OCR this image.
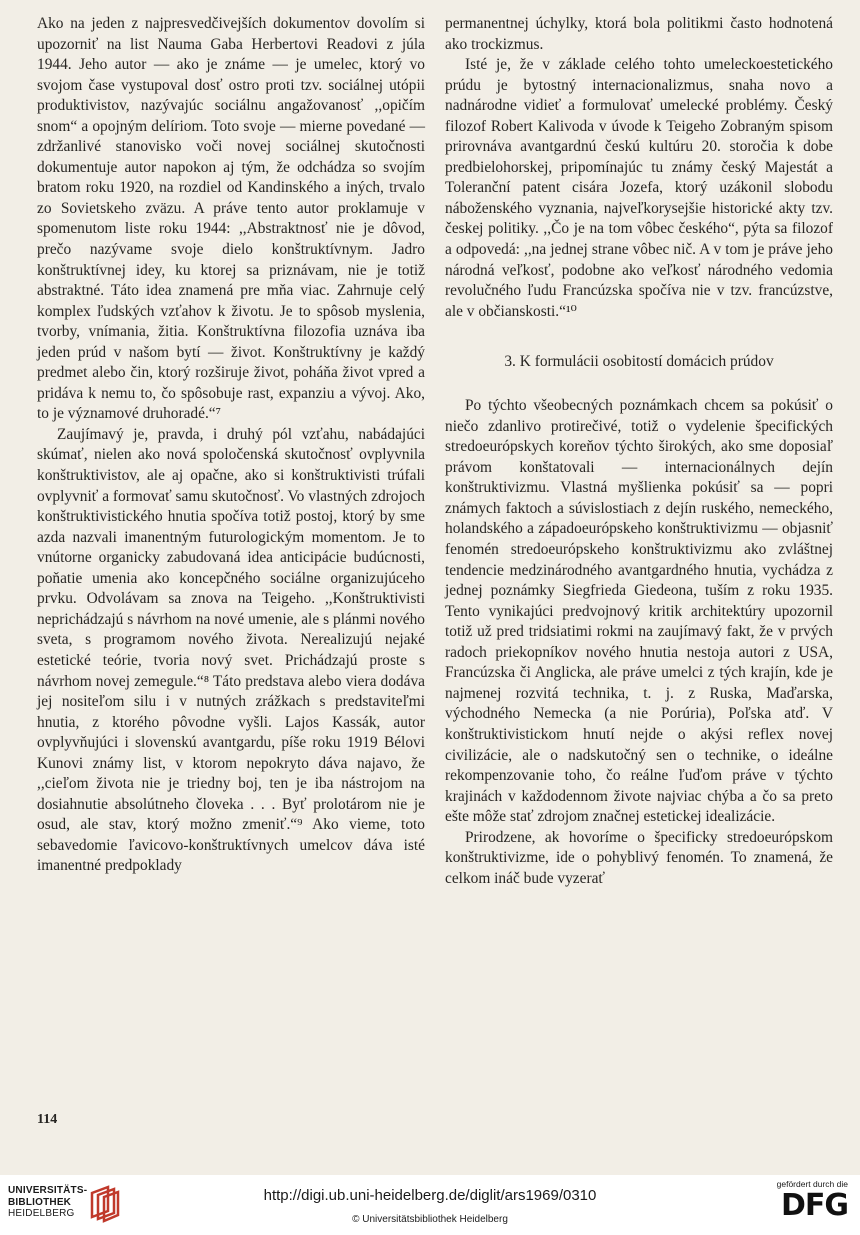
Ako na jeden z najpresvedčivejších dokumentov dovolím si upozorniť na list Nauma Gaba Herbertovi Readovi z júla 1944. Jeho autor — ako je známe — je umelec, ktorý vo svojom čase vystupoval dosť ostro proti tzv. sociálnej utópii produktivistov, nazývajúc sociálnu angažovanosť ,,opičím snom“ a opojným delíriom. Toto svoje — mierne povedané — zdržanlivé stanovisko voči novej sociálnej skutočnosti dokumentuje autor napokon aj tým, že odchádza so svojím bratom roku 1920, na rozdiel od Kandinského a iných, trvalo zo Sovietskeho zväzu. A práve tento autor proklamuje v spomenutom liste roku 1944: ,,Abstraktnosť nie je dôvod, prečo nazývame svoje dielo konštruktívnym. Jadro konštruktívnej idey, ku ktorej sa priznávam, nie je totiž abstraktné. Táto idea znamená pre mňa viac. Zahrnuje celý komplex ľudských vzťahov k životu. Je to spôsob myslenia, tvorby, vnímania, žitia. Konštruktívna filozofia uznáva iba jeden prúd v našom bytí — život. Konštruktívny je každý predmet alebo čin, ktorý rozširuje život, poháňa život vpred a pridáva k nemu to, čo spôsobuje rast, expanziu a vývoj. Ako, to je významové druhoradé.“⁷

Zaujímavý je, pravda, i druhý pól vzťahu, nabádajúci skúmať, nielen ako nová spoločenská skutočnosť ovplyvnila konštruktivistov, ale aj opačne, ako si konštruktivisti trúfali ovplyvniť a formovať samu skutočnosť. Vo vlastných zdrojoch konštruktivistického hnutia spočíva totiž postoj, ktorý by sme azda nazvali imanentným futurologickým momentom. Je to vnútorne organicky zabudovaná idea anticipácie budúcnosti, poňatie umenia ako koncepčného sociálne organizujúceho prvku. Odvolávam sa znova na Teigeho. ,,Konštruktivisti neprichádzajú s návrhom na nové umenie, ale s plánmi nového sveta, s programom nového života. Nerealizujú nejaké estetické teórie, tvoria nový svet. Prichádzajú proste s návrhom novej zemegule.“⁸ Táto predstava alebo viera dodáva jej nositeľom silu i v nutných zrážkach s predstaviteľmi hnutia, z ktorého pôvodne vyšli. Lajos Kassák, autor ovplyvňujúci i slovenskú avantgardu, píše roku 1919 Bélovi Kunovi známy list, v ktorom nepokryto dáva najavo, že ,,cieľom života nie je triedny boj, ten je iba nástrojom na dosiahnutie absolútneho človeka . . . Byť prolotárom nie je osud, ale stav, ktorý možno zmeniť.“⁹ Ako vieme, toto sebavedomie ľavicovo-konštruktívnych umelcov dáva isté imanentné predpoklady

permanentnej úchylky, ktorá bola politikmi často hodnotená ako trockizmus.

Isté je, že v základe celého tohto umeleckoestetického prúdu je bytostný internacionalizmus, snaha novo a nadnárodne vidieť a formulovať umelecké problémy. Český filozof Robert Kalivoda v úvode k Teigeho Zobraným spisom prirovnáva avantgardnú českú kultúru 20. storočia k dobe predbielohorskej, pripomínajúc tu známy český Majestát a Toleranční patent cisára Jozefa, ktorý uzákonil slobodu náboženského vyznania, najveľkorysejšie historické akty tzv. českej politiky. ,,Čo je na tom vôbec českého“, pýta sa filozof a odpovedá: ,,na jednej strane vôbec nič. A v tom je práve jeho národná veľkosť, podobne ako veľkosť národného vedomia revolučného ľudu Francúzska spočíva nie v tzv. francúzstve, ale v občianskosti.“¹⁰

3. K formulácii osobitostí domácich prúdov

Po týchto všeobecných poznámkach chcem sa pokúsiť o niečo zdanlivo protirečivé, totiž o vydelenie špecifických stredoeurópskych koreňov týchto širokých, ako sme doposiaľ právom konštatovali — internacionálnych dejín konštruktivizmu. Vlastná myšlienka pokúsiť sa — popri známych faktoch a súvislostiach z dejín ruského, nemeckého, holandského a západoeurópskeho konštruktivizmu — objasniť fenomén stredoeurópskeho konštruktivizmu ako zvláštnej tendencie medzinárodného avantgardného hnutia, vychádza z jednej poznámky Siegfrieda Giedeona, tuším z roku 1935. Tento vynikajúci predvojnový kritik architektúry upozornil totiž už pred tridsiatimi rokmi na zaujímavý fakt, že v prvých radoch priekopníkov nového hnutia nestoja autori z USA, Francúzska či Anglicka, ale práve umelci z tých krajín, kde je najmenej rozvitá technika, t. j. z Ruska, Maďarska, východného Nemecka (a nie Porúria), Poľska atď. V konštruktivistickom hnutí nejde o akýsi reflex novej civilizácie, ale o nadskutočný sen o technike, o ideálne rekompenzovanie toho, čo reálne ľuďom práve v týchto krajinách v každodennom živote najviac chýba a čo sa preto ešte môže stať zdrojom značnej estetickej idealizácie.

Prirodzene, ak hovoríme o špecificky stredoeurópskom konštruktivizme, ide o pohyblivý fenomén. To znamená, že celkom ináč bude vyzerať

114
UNIVERSITÄTS-
BIBLIOTHEK
HEIDELBERG
http://digi.ub.uni-heidelberg.de/diglit/ars1969/0310
© Universitätsbibliothek Heidelberg
gefördert durch die
DFG
